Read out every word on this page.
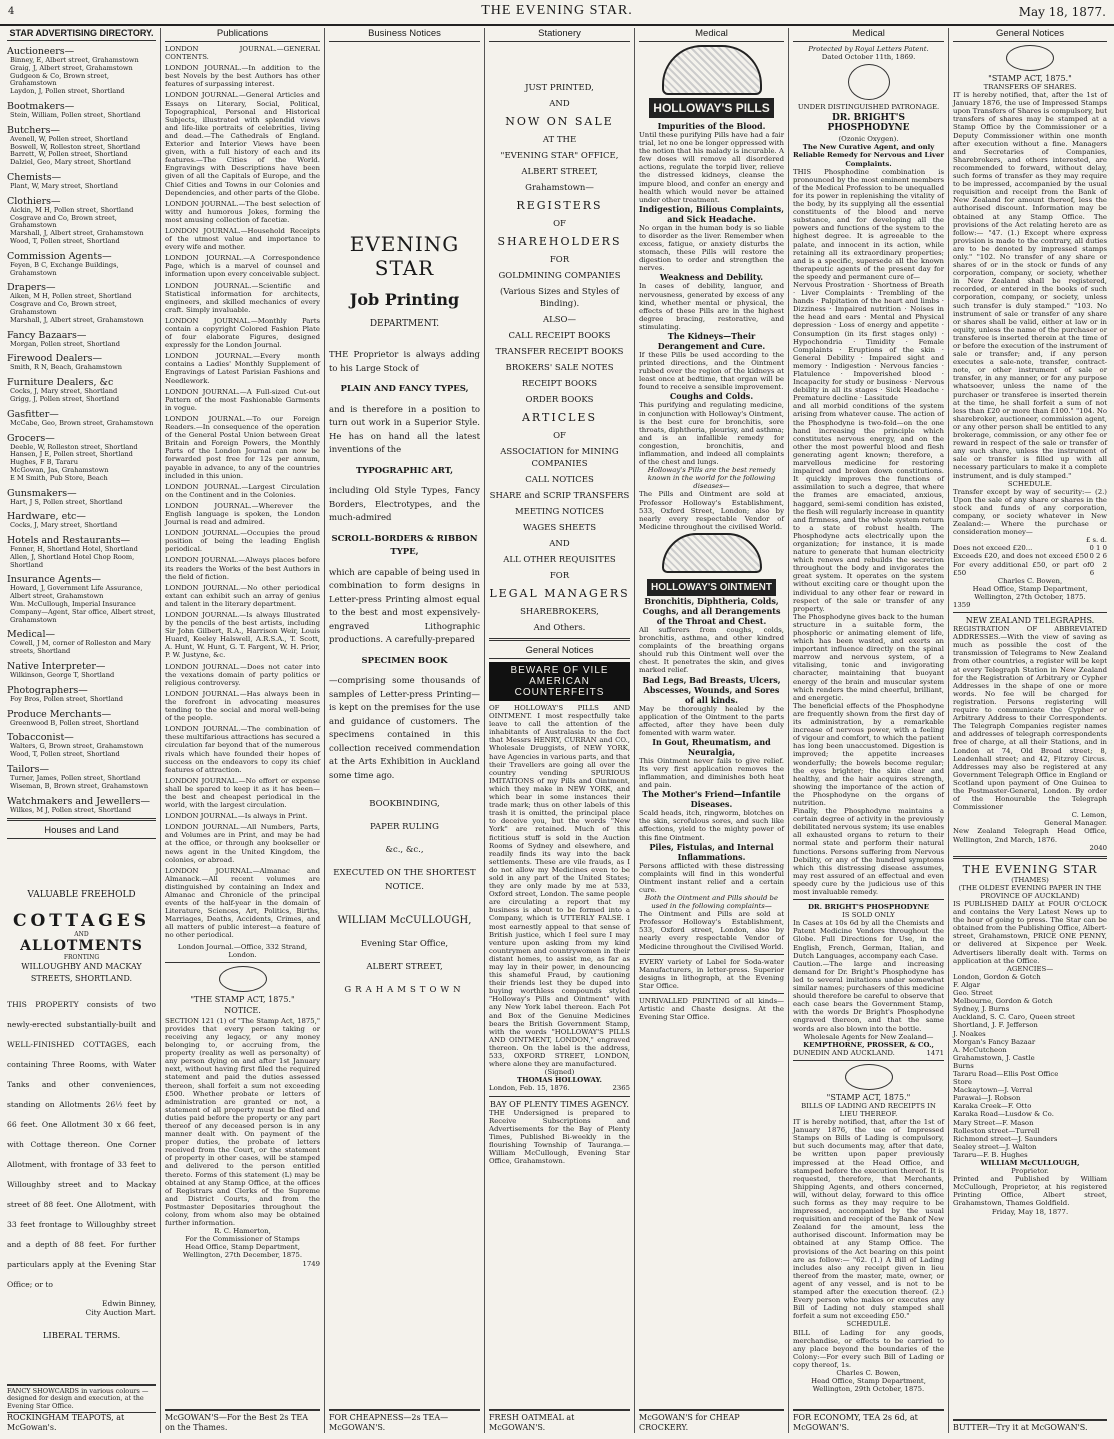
4	THE EVENING STAR.	May 18, 1877.
STAR ADVERTISING DIRECTORY.
Auctioneers—
Binney, E, Albert street, Grahamstown
Graig, J, Albert street, Grahamstown
Gudgeon & Co, Brown street, Grahamstown
Laydon, J, Pollen street, Shortland
Bootmakers—
Stein, William, Pollen street, Shortland
Butchers—
Avenell, W, Pollen street, Shortland
Boswell, W, Rolleston street, Shortland
Barrett, W, Pollen street, Shortland
Dalziel, Geo, Mary street, Shortland
Chemists—
Plant, W, Mary street, Shortland
Clothiers—
Aickin, M H, Pollen street, Shortland
Cosgrave and Co, Brown street, Grahamstown
Marshall, J, Albert street, Grahamstown
Wood, T, Pollen street, Shortland
Commission Agents—
Feyen, B C, Exchange Buildings, Grahamstown
Drapers—
Aiken, M H, Pollen street, Shortland
Cosgrave and Co, Brown street, Grahamstown
Marshall, J, Albert street, Grahamstown
Fancy Bazaars—
Morgan, Pollen street, Shortland
Firewood Dealers—
Smith, R N, Beach, Grahamstown
Furniture Dealers, &c
Cocks, J, Mary street, Shortland
Grigg, J, Pollen street, Shortland
Gasfitter—
McCabe, Geo, Brown street, Grahamstown
Grocers—
Deeble, W, Rolleston street, Shortland
Hansen, J E, Pollen street, Shortland
Hughes, F B, Tararu
McGowan, Jas, Grahamstown
E M Smith, Pub Store, Beach
Gunsmakers—
Hart, J S, Pollen street, Shortland
Hardware, etc—
Cocks, J, Mary street, Shortland
Hotels and Restaurants—
Fenner, H, Shortland Hotel, Shortland
Allen, J, Shortland Hotel Chop Room, Shortland
Insurance Agents—
Howard, J, Government Life Assurance, Albert street, Grahamstown
Wm. McCullough, Imperial Insurance Company—Agent, Star office, Albert street, Grahamstown
Medical—
Cowell, J M, corner of Rolleston and Mary streets, Shortland
Native Interpreter—
Wilkinson, George T, Shortland
Photographers—
Foy Bros, Pollen street, Shortland
Produce Merchants—
Greenwood B, Pollen street, Shortland
Tobacconist—
Walters, G, Brown street, Grahamstown
Wood, T, Pollen street, Shortland
Tailors—
Turner, James, Pollen street, Shortland
Wiseman, B, Brown street, Grahamstown
Watchmakers and Jewellers—
Wilkes, M J, Pollen street, Shortland
Houses and Land
VALUABLE FREEHOLD
COTTAGES
AND
ALLOTMENTS
FRONTING
WILLOUGHBY AND MACKAY STREETS, SHORTLAND.
THIS PROPERTY consists of two newly-erected substantially-built and WELL-FINISHED COTTAGES, each containing Three Rooms, with Water Tanks and other conveniences, standing on Allotments 26½ feet by 66 feet. One Allotment 30 x 66 feet, with Cottage thereon. One Corner Allotment, with frontage of 33 feet to Willoughby street and to Mackay street of 88 feet. One Allotment, with 33 feet frontage to Willoughby street and a depth of 88 feet. For further particulars apply at the Evening Star Office; or to
Edwin Binney,
City Auction Mart.
LIBERAL TERMS.
FANCY SHOWCARDS in various colours — designed for design and execution, at the Evening Star Office.
ROCKINGHAM TEAPOTS, at McGowan's.
Publications

LONDON JOURNAL.—GENERAL CONTENTS.

LONDON JOURNAL.—In addition to the best Novels by the best Authors has other features of surpassing interest.

LONDON JOURNAL.—General Articles and Essays on Literary, Social, Political, Topographical, Personal and Historical Subjects, illustrated with splendid views and life-like portraits of celebrities, living and dead.—The Cathedrals of England. Exterior and Interior Views have been given, with a full history of each and its features.—The Cities of the World. Engravings with Descriptions have been given of all the Capitals of Europe, and the Chief Cities and Towns in our Colonies and Dependencies, and other parts of the Globe.

LONDON JOURNAL.—The best selection of witty and humorous Jokes, forming the most amusing collection of facetiæ.

LONDON JOURNAL.—Household Receipts of the utmost value and importance to every wife and mother.

LONDON JOURNAL.—A Correspondence Page, which is a marvel of counsel and information upon every conceivable subject.

LONDON JOURNAL.—Scientific and Statistical information for architects, engineers, and skilled mechanics of every craft. Simply invaluable.

LONDON JOURNAL.—Monthly Parts contain a copyright Colored Fashion Plate of four elaborate Figures, designed expressly for the London Journal.

LONDON JOURNAL.—Every month contains a Ladies' Monthly Supplement of Engravings of Latest Parisian Fashions and Needlework.

LONDON JOURNAL.—A Full-sized Cut-out Pattern of the most Fashionable Garments in vogue.

LONDON JOURNAL.—To our Foreign Readers.—In consequence of the operation of the General Postal Union between Great Britain and Foreign Powers, the Monthly Parts of the London Journal can now be forwarded post free for 12s per annum, payable in advance, to any of the countries included in this union.

LONDON JOURNAL.—Largest Circulation on the Continent and in the Colonies.

LONDON JOURNAL.—Wherever the English language is spoken, the London Journal is read and admired.

LONDON JOURNAL.—Occupies the proud position of being the leading English periodical.

LONDON JOURNAL.—Always places before its readers the Works of the best Authors in the field of fiction.

LONDON JOURNAL.—No other periodical extant can exhibit such an array of genius and talent in the literary department.

LONDON JOURNAL.—Is always Illustrated by the pencils of the best artists, including Sir John Gilbert, R.A., Harrison Weir, Louis Huard, Keeley Halswell, A.R.S.A., T. Scott, A. Hunt, W. Hunt, G. T. Fargent, W. H. Prior, P. W. Justyne, &c.

LONDON JOURNAL.—Does not cater into the vexations domain of party politics or religious controversy.

LONDON JOURNAL.—Has always been in the forefront in advocating measures tending to the social and moral well-being of the people.

LONDON JOURNAL.—The combination of these multifarious attractions has secured a circulation far beyond that of the numerous rivals which have founded their hopes of success on the endeavors to copy its chief features of attraction.

LONDON JOURNAL.—No effort or expense shall be spared to keep it as it has been—the best and cheapest periodical in the world, with the largest circulation.

LONDON JOURNAL.—Is always in Print.

LONDON JOURNAL.—All Numbers, Parts, and Volumes are in Print, and may be had at the office, or through any bookseller or news agent in the United Kingdom, the colonies, or abroad.

LONDON JOURNAL.—Almanac and Almanack.—All recent volumes are distinguished by containing an Index and Almanac and Chronicle of the principal events of the half-year in the domain of Literature, Sciences, Art, Politics, Births, Marriages, Deaths, Accidents, Crimes, and all matters of public interest—a feature of no other periodical.

London Journal.—Office, 332 Strand, London.
"THE STAMP ACT, 1875."
NOTICE.
SECTION 121 (1) of "The Stamp Act, 1875," provides that every person taking or receiving any legacy, or any money belonging to, or accruing from, the property (reality as well as personalty) of any person dying on and after 1st January next, without having first filed the required statement and paid the duties assessed thereon, shall forfeit a sum not exceeding £500. Whether probate or letters of administration are granted or not, a statement of all property must be filed and duties paid before the property or any part thereof of any deceased person is in any manner dealt with. On payment of the proper duties, the probate of letters received from the Court, or the statement of property in other cases, will be stamped and delivered to the person entitled thereto. Forms of this statement (L) may be obtained at any Stamp Office, at the offices of Registrars and Clerks of the Supreme and District Courts, and from the Postmaster Depositaries throughout the colony, from whom also may be obtained further information.
R. C. Hamerton,
For the Commissioner of Stamps
Head Office, Stamp Department, Wellington, 27th December, 1875.
1749
McGOWAN'S—For the Best 2s TEA on the Thames.
Business Notices
EVENING STAR
Job Printing
DEPARTMENT.

THE Proprietor is always adding to his Large Stock of

PLAIN AND FANCY TYPES,

and is therefore in a position to turn out work in a Superior Style. He has on hand all the latest inventions of the

TYPOGRAPHIC ART,

including Old Style Types, Fancy Borders, Electrotypes, and the much-admired

SCROLL-BORDERS & RIBBON TYPE,

which are capable of being used in combination to form designs in Letter-press Printing almost equal to the best and most expensively-engraved Lithographic productions. A carefully-prepared

SPECIMEN BOOK

—comprising some thousands of samples of Letter-press Printing—is kept on the premises for the use and guidance of customers. The specimens contained in this collection received commendation at the Arts Exhibition in Auckland some time ago.

BOOKBINDING,

PAPER RULING

&c., &c.,

EXECUTED ON THE SHORTEST NOTICE.

WILLIAM McCULLOUGH,

Evening Star Office,

ALBERT STREET,

GRAHAMSTOWN

FOR CHEAPNESS—2s TEA—McGOWAN'S.
Stationery
JUST PRINTED,
AND
NOW ON SALE
AT THE
"EVENING STAR" OFFICE,
ALBERT STREET,
Grahamstown—
REGISTERS
OF
SHAREHOLDERS
FOR
GOLDMINING COMPANIES
(Various Sizes and Styles of Binding).
ALSO—
CALL RECEIPT BOOKS
TRANSFER RECEIPT BOOKS
BROKERS' SALE NOTES
RECEIPT BOOKS
ORDER BOOKS
ARTICLES
OF
ASSOCIATION for MINING COMPANIES
CALL NOTICES
SHARE and SCRIP TRANSFERS
MEETING NOTICES
WAGES SHEETS
AND
ALL OTHER REQUISITES
FOR
LEGAL MANAGERS
SHAREBROKERS,
And Others.
General Notices
BEWARE OF VILE
AMERICAN COUNTERFEITS
OF HOLLOWAY'S PILLS AND OINTMENT. I most respectfully take leave to call the attention of the inhabitants of Australasia to the fact that Messrs HENRY, CURRAN and CO., Wholesale Druggists, of NEW YORK, have Agencies in various parts, and that their Travellers are going all over the country vending SPURIOUS IMITATIONS of my Pills and Ointment, which they make in NEW YORK, and which bear in some instances their trade mark; thus on other labels of this trash it is omitted, the principal place to deceive you, but the words "New York" are retained. Much of this fictitious stuff is sold in the Auction Rooms of Sydney and elsewhere, and readily finds its way into the back settlements. These are vile frauds, as I do not allow my Medicines even to be sold in any part of the United States; they are only made by me at 533, Oxford street, London. The same people are circulating a report that my business is about to be formed into a Company, which is UTTERLY FALSE. I most earnestly appeal to that sense of British justice, which I feel sure I may venture upon asking from my kind countrymen and countrywomen in their distant homes, to assist me, as far as may lay in their power, in denouncing this shameful Fraud, by cautioning their friends lest they be duped into buying worthless compounds styled "Holloway's Pills and Ointment" with any New York label thereon. Each Pot and Box of the Genuine Medicines bears the British Government Stamp, with the words "HOLLOWAY'S PILLS AND OINTMENT, LONDON," engraved thereon. On the label is the address, 533, OXFORD STREET, LONDON, where alone they are manufactured.
(Signed)
THOMAS HOLLOWAY.
London, Feb. 15, 1876.	2365
BAY OF PLENTY TIMES AGENCY.
THE Undersigned is prepared to Receive Subscriptions and Advertisements for the Bay of Plenty Times, Published Bi-weekly in the flourishing Township of Tauranga.—William McCullough, Evening Star Office, Grahamstown.
FRESH OATMEAL at McGOWAN'S.
Medical
HOLLOWAY'S PILLS
Impurities of the Blood.
Until these purifying Pills have had a fair trial, let no one be longer oppressed with the notion that his malady is incurable. A few doses will remove all disordered actions, regulate the torpid liver, relieve the distressed kidneys, cleanse the impure blood, and confer an energy and health which would never be attained under other treatment.
Indigestion, Bilious Complaints, and Sick Headache.
No organ in the human body is so liable to disorder as the liver. Remember when excess, fatigue, or anxiety disturbs the stomach, these Pills will restore the digestion to order and strengthen the nerves.
Weakness and Debility.
In cases of debility, languor, and nervousness, generated by excess of any kind, whether mental or physical, the effects of these Pills are in the highest degree bracing, restorative, and stimulating.
The Kidneys—Their Derangement and Cure.
If these Pills be used according to the printed directions, and the Ointment rubbed over the region of the kidneys at least once at bedtime, that organ will be found to receive a sensible improvement.
Coughs and Colds.
This purifying and regulating medicine, in conjunction with Holloway's Ointment, is the best cure for bronchitis, sore throats, diphtheria, pleurisy, and asthma; and is an infallible remedy for congestion, bronchitis, and inflammation, and indeed all complaints of the chest and lungs.
Holloway's Pills are the best remedy known in the world for the following diseases—
The Pills and Ointment are sold at Professor Holloway's Establishment, 533, Oxford Street, London; also by nearly every respectable Vendor of Medicine throughout the civilised World.
HOLLOWAY'S OINTMENT
Bronchitis, Diphtheria, Colds, Coughs, and all Derangements of the Throat and Chest.
All sufferers from coughs, colds, bronchitis, asthma, and other kindred complaints of the breathing organs should rub this Ointment well over the chest. It penetrates the skin, and gives marked relief.
Bad Legs, Bad Breasts, Ulcers, Abscesses, Wounds, and Sores of all kinds.
May be thoroughly healed by the application of the Ointment to the parts affected, after they have been duly fomented with warm water.
In Gout, Rheumatism, and Neuralgia,
This Ointment never fails to give relief. Its very first application removes the inflammation, and diminishes both heat and pain.
The Mother's Friend—Infantile Diseases.
Scald heads, itch, ringworm, blotches on the skin, scrofulous sores, and such like affections, yield to the mighty power of this fine Ointment.
Piles, Fistulas, and Internal Inflammations.
Persons afflicted with these distressing complaints will find in this wonderful Ointment instant relief and a certain cure.
Both the Ointment and Pills should be used in the following complaints—
The Ointment and Pills are sold at Professor Holloway's Establishment, 533, Oxford street, London, also by nearly every respectable Vendor of Medicine throughout the Civilised World.
EVERY variety of Label for Soda-water Manufacturers, in letter-press. Superior designs in lithograph, at the Evening Star Office.
UNRIVALLED PRINTING of all kinds—Artistic and Chaste designs. At the Evening Star Office.
McGOWAN'S for CHEAP CROCKERY.
Medical
Protected by Royal Letters Patent.
Dated October 11th, 1869.
UNDER DISTINGUISHED PATRONAGE.
DR. BRIGHT'S PHOSPHODYNE
(Ozonic Oxygen).
The New Curative Agent, and only Reliable Remedy for Nervous and Liver Complaints.
THIS Phosphodine combination is pronounced by the most eminent members of the Medical Profession to be unequalled for its power in replenishing the vitality of the body, by its supplying all the essential constituents of the blood and nerve substance, and for developing all the powers and functions of the system to the highest degree. It is agreeable to the palate, and innocent in its action, while retaining all its extraordinary properties; and is a specific, supersede all the known therapeutic agents of the present day for the speedy and permanent cure of—
Nervous Prostration · Shortness of Breath · Liver Complaints · Trembling of the hands · Palpitation of the heart and limbs · Dizziness · Impaired nutrition · Noises in the head and ears · Mental and Physical depression · Loss of energy and appetite · Consumption (in its first stages only) · Hypochondria · Timidity · Female Complaints · Eruptions of the skin · General Debility · Impaired sight and memory · Indigestion · Nervous fancies · Flatulence · Impoverished blood · Incapacity for study or business · Nervous debility in all its stages · Sick Headache · Premature decline · Lassitude
and all morbid conditions of the system arising from whatever cause. The action of the Phosphodyne is two-fold—on the one hand increasing the principle which constitutes nervous energy, and on the other the most powerful blood and flesh generating agent known; therefore, a marvellous medicine for restoring impaired and broken down constitutions. It quickly improves the functions of assimilation to such a degree, that where the frames are emaciated, anxious, haggard, semi-semi condition has existed, the flesh will regularly increase in quantity and firmness, and the whole system return to a state of robust health. The Phosphodyne acts electrically upon the organization; for instance, it is made nature to generate that human electricity which renews and rebuilds the secretion throughout the body and invigorates the great system. It operates on the system without exciting care or thought upon the individual to any other fear or reward in respect of the sale or transfer of any property.
The Phosphodyne gives back to the human structure in a suitable form, the phosphoric or animating element of life, which has been wasted, and exerts an important influence directly on the spinal marrow and nervous system, of a vitalising, tonic and invigorating character, maintaining that buoyant energy of the brain and muscular system which renders the mind cheerful, brilliant, and energetic.
The beneficial effects of the Phosphodyne are frequently shown from the first day of its administration, by a remarkable increase of nervous power, with a feeling of vigour and comfort, to which the patient has long been unaccustomed. Digestion is improved; the appetite increases wonderfully; the bowels become regular; the eyes brighter; the skin clear and healthy, and the hair acquires strength, showing the importance of the action of the Phosphodyne on the organs of nutrition.
Finally, the Phosphodyne maintains a certain degree of activity in the previously debilitated nervous system; its use enables all exhausted organs to return to their normal state and perform their natural functions. Persons suffering from Nervous Debility, or any of the hundred symptoms which this distressing disease assumes, may rest assured of an effectual and even speedy cure by the judicious use of this most invaluable remedy.
DR. BRIGHT'S PHOSPHODYNE
IS SOLD ONLY
In Cases at 10s 6d by all the Chemists and Patent Medicine Vendors throughout the Globe. Full Directions for Use, in the English, French, German, Italian, and Dutch Languages, accompany each Case.
Caution.—The large and increasing demand for Dr. Bright's Phosphodyne has led to several imitations under somewhat similar names; purchasers of this medicine should therefore be careful to observe that each case bears the Government Stamp, with the words Dr Bright's Phosphodyne engraved thereon, and that the same words are also blown into the bottle.
Wholesale Agents for New Zealand—
KEMPTHORNE, PROSSER, & CO.,
DUNEDIN AND AUCKLAND.	1471
"STAMP ACT, 1875."
BILLS OF LADING AND RECEIPTS IN LIEU THEREOF.
IT is hereby notified, that, after the 1st of January 1876, the use of Impressed Stamps on Bills of Lading is compulsory, but such documents may, after that date, be written upon paper previously impressed at the Head Office, and stamped before the execution thereof. It is requested, therefore, that Merchants, Shipping Agents, and others concerned, will, without delay, forward to this office such forms as they may require to be impressed, accompanied by the usual requisition and receipt of the Bank of New Zealand for the amount, less the authorised discount. Information may be obtained at any Stamp Office. The provisions of the Act bearing on this point are as follow:— "62. (1.) A Bill of Lading includes also any receipt given in lieu thereof from the master, mate, owner, or agent of any vessel, and is not to be stamped after the execution thereof. (2.) Every person who makes or executes any Bill of Lading not duly stamped shall forfeit a sum not exceeding £50."
SCHEDULE.
BILL of Lading for any goods, merchandise, or effects to be carried to any place beyond the boundaries of the Colony:—For every such Bill of Lading or copy thereof, 1s.
Charles C. Bowen,
Head Office, Stamp Department, Wellington, 29th October, 1875.
FOR ECONOMY, TEA 2s 6d, at McGOWAN'S.
General Notices
"STAMP ACT, 1875."
TRANSFERS OF SHARES.
IT is hereby notified, that, after the 1st of January 1876, the use of Impressed Stamps upon Transfers of Shares is compulsory, but transfers of shares may be stamped at a Stamp Office by the Commissioner or a Deputy Commissioner within one month after execution without a fine. Managers and Secretaries of Companies, Sharebrokers, and others interested, are recommended to forward, without delay, such forms of transfer as they may require to be impressed, accompanied by the usual requisition and receipt from the Bank of New Zealand for amount thereof, less the authorised discount. Information may be obtained at any Stamp Office. The provisions of the Act relating hereto are as follow:— "47. (1.) Except where express provision is made to the contrary, all duties are to be denoted by impressed stamps only." "102. No transfer of any share or shares of or in the stock or funds of any corporation, company, or society, whether in New Zealand shall be registered, recorded, or entered in the books of such corporation, company, or society, unless such transfer is duly stamped." "103. No instrument of sale or transfer of any share or shares shall be valid, either at law or in equity, unless the name of the purchaser or transferee is inserted therein at the time of or before the execution of the instrument of sale or transfer; and, if any person executes a sale-note, transfer, contract-note, or other instrument of sale or transfer, in any manner, or for any purpose whatsoever, unless the name of the purchaser or transferee is inserted therein at the time, he shall forfeit a sum of not less than £20 or more than £100." "104. No sharebroker, auctioneer, commission agent, or any other person shall be entitled to any brokerage, commission, or any other fee or reward in respect of the sale or transfer of any such share, unless the instrument of sale or transfer is filled up with all necessary particulars to make it a complete instrument, and is duly stamped."
SCHEDULE.
Transfer except by way of security:— (2.) Upon the sale of any share or shares in the stock and funds of any corporation, company, or society whatever in New Zealand:— Where the purchase or consideration money—
£ s. d.
Does not exceed £20...	0 1 0
Exceeds £20, and does not exceed £50 0 2 6
For every additional £50, or part of £50
0 2 6
Charles C. Bowen,
Head Office, Stamp Department, Wellington, 27th October, 1875.
1359
NEW ZEALAND TELEGRAPHS.
REGISTRATION OF ABBREVIATED ADDRESSES.—With the view of saving as much as possible the cost of the transmission of Telegrams to New Zealand from other countries, a register will be kept at every Telegraph Station in New Zealand for the Registration of Arbitrary or Cypher Addresses in the shape of one or more words. No fee will be charged for registration. Persons registering will require to communicate the Cypher or Arbitrary Address to their Correspondents. The Telegraph Companies register names and addresses of telegraph correspondents free of charge, at all their Stations, and in London at 74, Old Broad street; 8, Leadenhall street; and 42, Fitzroy Circus. Addresses may also be registered at any Government Telegraph Office in England or Scotland upon payment of One Guinea to the Postmaster-General, London. By order of the Honourable the Telegraph Commissioner
C. Lemon,
General Manager.
New Zealand Telegraph Head Office, Wellington, 2nd March, 1876.
2040
THE EVENING STAR
(THAMES)
(THE OLDEST EVENING PAPER IN THE PROVINCE OF AUCKLAND)
IS PUBLISHED DAILY at FOUR O'CLOCK and contains the Very Latest News up to the hour of going to press. The Star can be obtained from the Publishing Office, Albert-street, Grahamstown, PRICE ONE PENNY, or delivered at Sixpence per Week. Advertisers liberally dealt with. Terms on application at the Office.
AGENCIES—
London, Gordon & Gotch
F. Algar
Geo. Street
Melbourne, Gordon & Gotch
Sydney, J. Burns
Auckland, S. C. Caro, Queen street
Shortland, J. F. Jefferson
J. Noakes
Morgan's Fancy Bazaar
A. McCutcheon
Grahamstown, J. Castle
Burns
Tararu Road—Ellis Post Office
Store
Mackaytown—J. Verral
Parawai—J. Robson
Karaka Creek—F. Otto
Karaka Road—Lusdow & Co.
Mary Street—F. Mason
Rolleston street—Turrell
Richmond street—J. Saunders
Sealey street—J. Walton
Tararu—F. B. Hughes
WILLIAM McCULLOUGH,
Proprietor.
Printed and Published by William McCullough, Proprietor, at his registered Printing Office, Albert street, Grahamstown, Thames Goldfield.
Friday, May 18, 1877.
BUTTER—Try it at McGOWAN'S.
